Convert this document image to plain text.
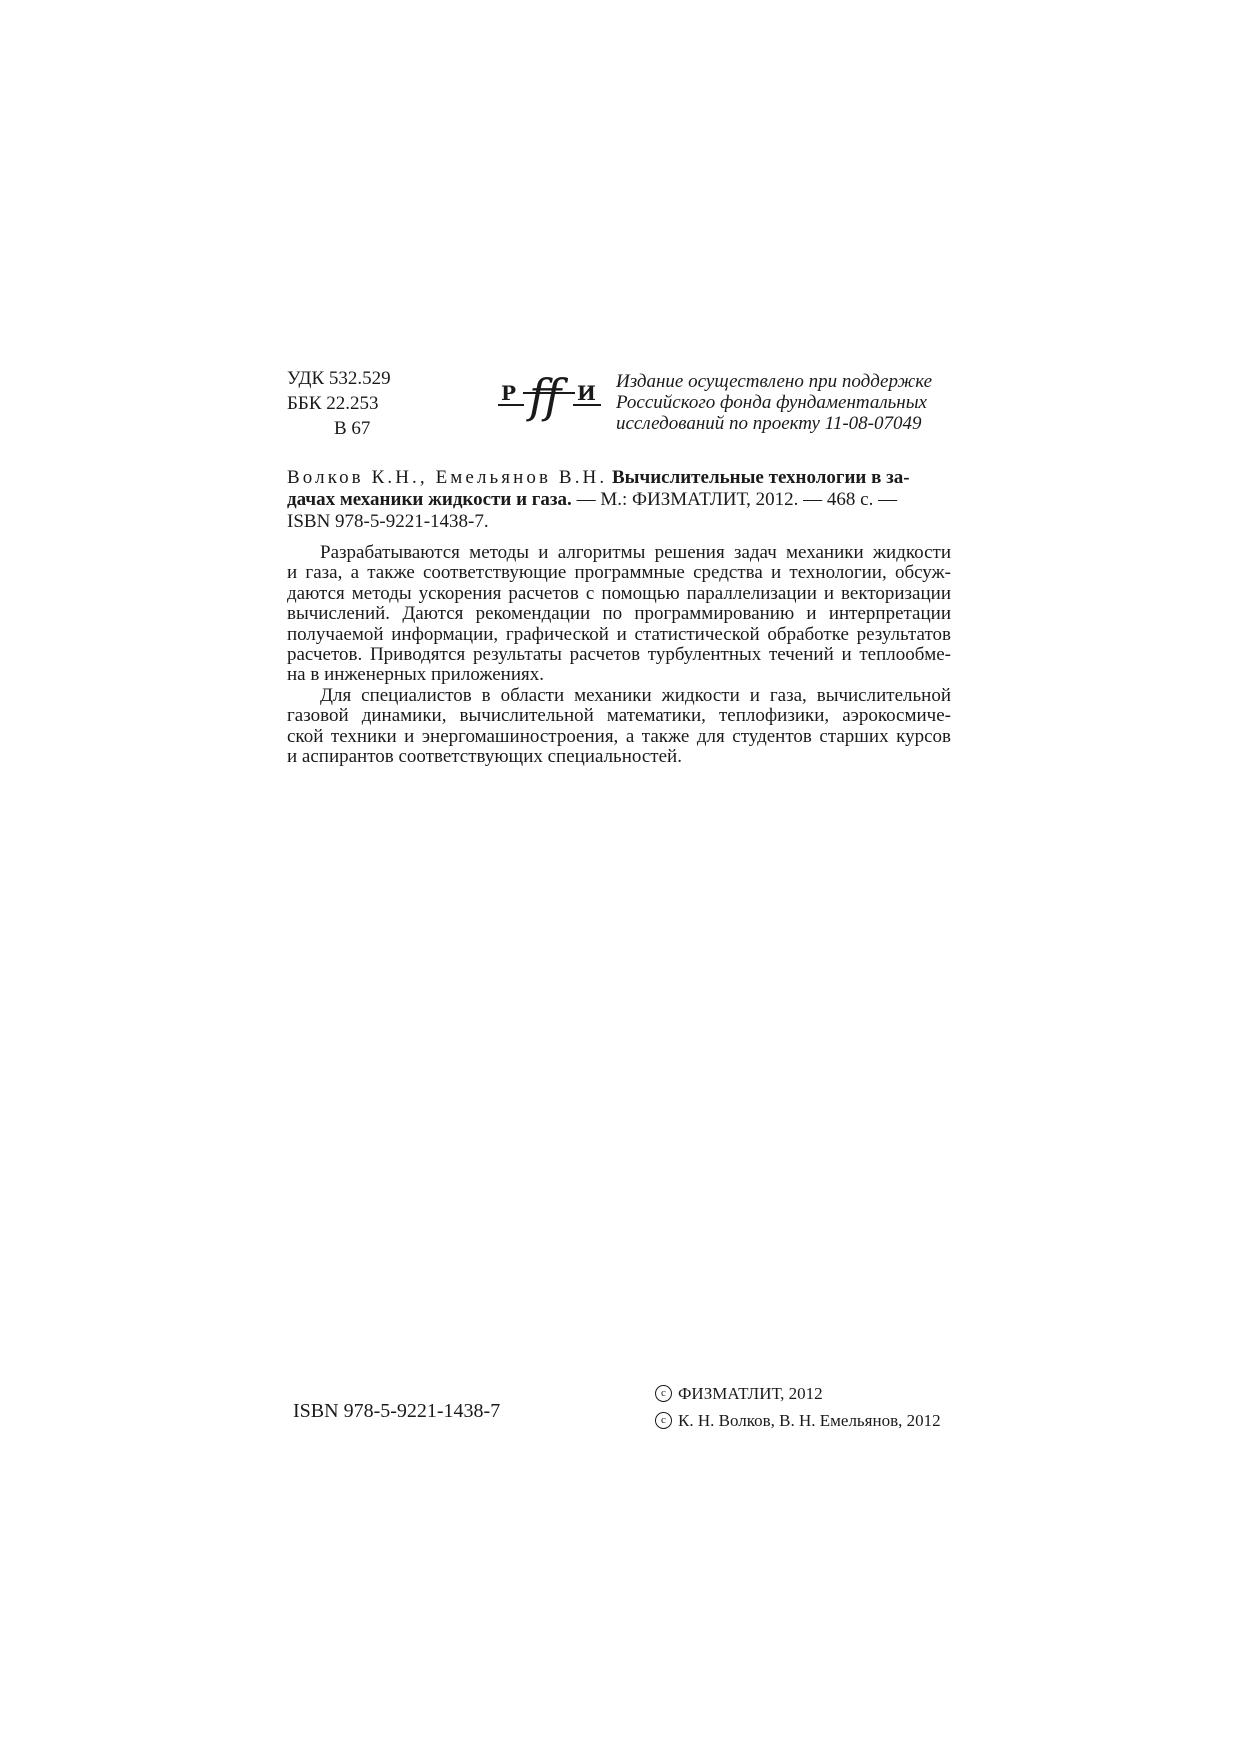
УДК 532.529
ББК 22.253
В 67
Р ff И Издание осуществлено при поддержке
Российского фонда фундаментальных
исследований по проекту 11-08-07049
Волков К.Н., Емельянов В.Н. Вычислительные технологии в за-
дачах механики жидкости и газа. — М.: ФИЗМАТЛИТ, 2012. — 468 с. —
ISBN 978-5-9221-1438-7.
Разрабатываются методы и алгоритмы решения задач механики жидкости
и газа, а также соответствующие программные средства и технологии, обсуж-
даются методы ускорения расчетов с помощью параллелизации и векторизации
вычислений. Даются рекомендации по программированию и интерпретации
получаемой информации, графической и статистической обработке результатов
расчетов. Приводятся результаты расчетов турбулентных течений и теплообме-
на в инженерных приложениях.
Для специалистов в области механики жидкости и газа, вычислительной
газовой динамики, вычислительной математики, теплофизики, аэрокосмиче-
ской техники и энергомашиностроения, а также для студентов старших курсов
и аспирантов соответствующих специальностей.
ISBN 978-5-9221-1438-7
c ФИЗМАТЛИТ, 2012
c К. Н. Волков, В. Н. Емельянов, 2012
